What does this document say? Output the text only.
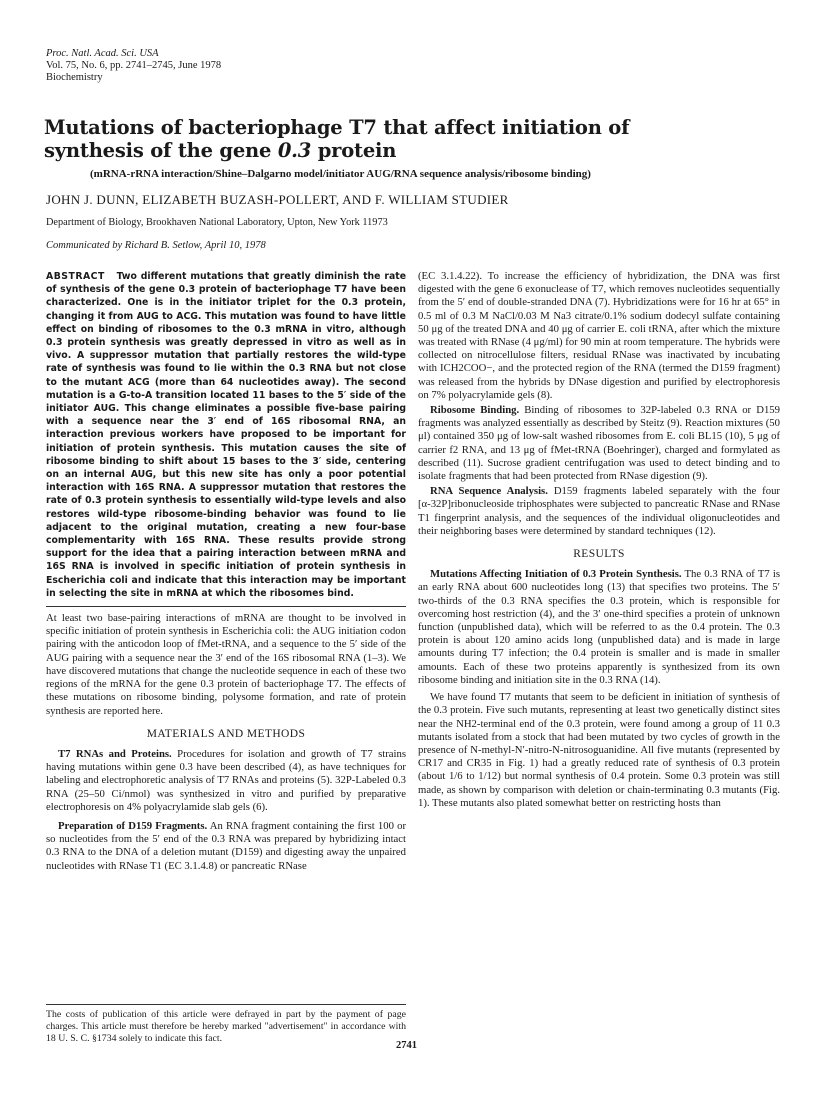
Proc. Natl. Acad. Sci. USA
Vol. 75, No. 6, pp. 2741–2745, June 1978
Biochemistry
Mutations of bacteriophage T7 that affect initiation of
synthesis of the gene 0.3 protein
(mRNA-rRNA interaction/Shine–Dalgarno model/initiator AUG/RNA sequence analysis/ribosome binding)
JOHN J. DUNN, ELIZABETH BUZASH-POLLERT, AND F. WILLIAM STUDIER
Department of Biology, Brookhaven National Laboratory, Upton, New York 11973
Communicated by Richard B. Setlow, April 10, 1978
ABSTRACT Two different mutations that greatly diminish the rate of synthesis of the gene 0.3 protein of bacteriophage T7 have been characterized. One is in the initiator triplet for the 0.3 protein, changing it from AUG to ACG. This mutation was found to have little effect on binding of ribosomes to the 0.3 mRNA in vitro, although 0.3 protein synthesis was greatly depressed in vitro as well as in vivo. A suppressor mutation that partially restores the wild-type rate of synthesis was found to lie within the 0.3 RNA but not close to the mutant ACG (more than 64 nucleotides away). The second mutation is a G-to-A transition located 11 bases to the 5′ side of the initiator AUG. This change eliminates a possible five-base pairing with a sequence near the 3′ end of 16S ribosomal RNA, an interaction previous workers have proposed to be important for initiation of protein synthesis. This mutation causes the site of ribosome binding to shift about 15 bases to the 3′ side, centering on an internal AUG, but this new site has only a poor potential interaction with 16S RNA. A suppressor mutation that restores the rate of 0.3 protein synthesis to essentially wild-type levels and also restores wild-type ribosome-binding behavior was found to lie adjacent to the original mutation, creating a new four-base complementarity with 16S RNA. These results provide strong support for the idea that a pairing interaction between mRNA and 16S RNA is involved in specific initiation of protein synthesis in Escherichia coli and indicate that this interaction may be important in selecting the site in mRNA at which the ribosomes bind.

At least two base-pairing interactions of mRNA are thought to be involved in specific initiation of protein synthesis in Escherichia coli: the AUG initiation codon pairing with the anticodon loop of fMet-tRNA, and a sequence to the 5′ side of the AUG pairing with a sequence near the 3′ end of the 16S ribosomal RNA (1–3). We have discovered mutations that change the nucleotide sequence in each of these two regions of the mRNA for the gene 0.3 protein of bacteriophage T7. The effects of these mutations on ribosome binding, polysome formation, and rate of protein synthesis are reported here.

MATERIALS AND METHODS

T7 RNAs and Proteins. Procedures for isolation and growth of T7 strains having mutations within gene 0.3 have been described (4), as have techniques for labeling and electrophoretic analysis of T7 RNAs and proteins (5). 32P-Labeled 0.3 RNA (25–50 Ci/nmol) was synthesized in vitro and purified by preparative electrophoresis on 4% polyacrylamide slab gels (6).

Preparation of D159 Fragments. An RNA fragment containing the first 100 or so nucleotides from the 5′ end of the 0.3 RNA was prepared by hybridizing intact 0.3 RNA to the DNA of a deletion mutant (D159) and digesting away the unpaired nucleotides with RNase T1 (EC 3.1.4.8) or pancreatic RNase

(EC 3.1.4.22). To increase the efficiency of hybridization, the DNA was first digested with the gene 6 exonuclease of T7, which removes nucleotides sequentially from the 5′ end of double-stranded DNA (7). Hybridizations were for 16 hr at 65° in 0.5 ml of 0.3 M NaCl/0.03 M Na3 citrate/0.1% sodium dodecyl sulfate containing 50 μg of the treated DNA and 40 μg of carrier E. coli tRNA, after which the mixture was treated with RNase (4 μg/ml) for 90 min at room temperature. The hybrids were collected on nitrocellulose filters, residual RNase was inactivated by incubating with ICH2COO−, and the protected region of the RNA (termed the D159 fragment) was released from the hybrids by DNase digestion and purified by electrophoresis on 7% polyacrylamide gels (8).

Ribosome Binding. Binding of ribosomes to 32P-labeled 0.3 RNA or D159 fragments was analyzed essentially as described by Steitz (9). Reaction mixtures (50 μl) contained 350 μg of low-salt washed ribosomes from E. coli BL15 (10), 5 μg of carrier f2 RNA, and 13 μg of fMet-tRNA (Boehringer), charged and formylated as described (11). Sucrose gradient centrifugation was used to detect binding and to isolate fragments that had been protected from RNase digestion (9).

RNA Sequence Analysis. D159 fragments labeled separately with the four [α-32P]ribonucleoside triphosphates were subjected to pancreatic RNase and RNase T1 fingerprint analysis, and the sequences of the individual oligonucleotides and their neighboring bases were determined by standard techniques (12).

RESULTS

Mutations Affecting Initiation of 0.3 Protein Synthesis. The 0.3 RNA of T7 is an early RNA about 600 nucleotides long (13) that specifies two proteins. The 5′ two-thirds of the 0.3 RNA specifies the 0.3 protein, which is responsible for overcoming host restriction (4), and the 3′ one-third specifies a protein of unknown function (unpublished data), which will be referred to as the 0.4 protein. The 0.3 protein is about 120 amino acids long (unpublished data) and is made in large amounts during T7 infection; the 0.4 protein is smaller and is made in smaller amounts. Each of these two proteins apparently is synthesized from its own ribosome binding and initiation site in the 0.3 RNA (14).

We have found T7 mutants that seem to be deficient in initiation of synthesis of the 0.3 protein. Five such mutants, representing at least two genetically distinct sites near the NH2-terminal end of the 0.3 protein, were found among a group of 11 0.3 mutants isolated from a stock that had been mutated by two cycles of growth in the presence of N-methyl-N′-nitro-N-nitrosoguanidine. All five mutants (represented by CR17 and CR35 in Fig. 1) had a greatly reduced rate of synthesis of 0.3 protein (about 1/6 to 1/12) but normal synthesis of 0.4 protein. Some 0.3 protein was still made, as shown by comparison with deletion or chain-terminating 0.3 mutants (Fig. 1). These mutants also plated somewhat better on restricting hosts than

The costs of publication of this article were defrayed in part by the payment of page charges. This article must therefore be hereby marked "advertisement" in accordance with 18 U. S. C. §1734 solely to indicate this fact.
2741
